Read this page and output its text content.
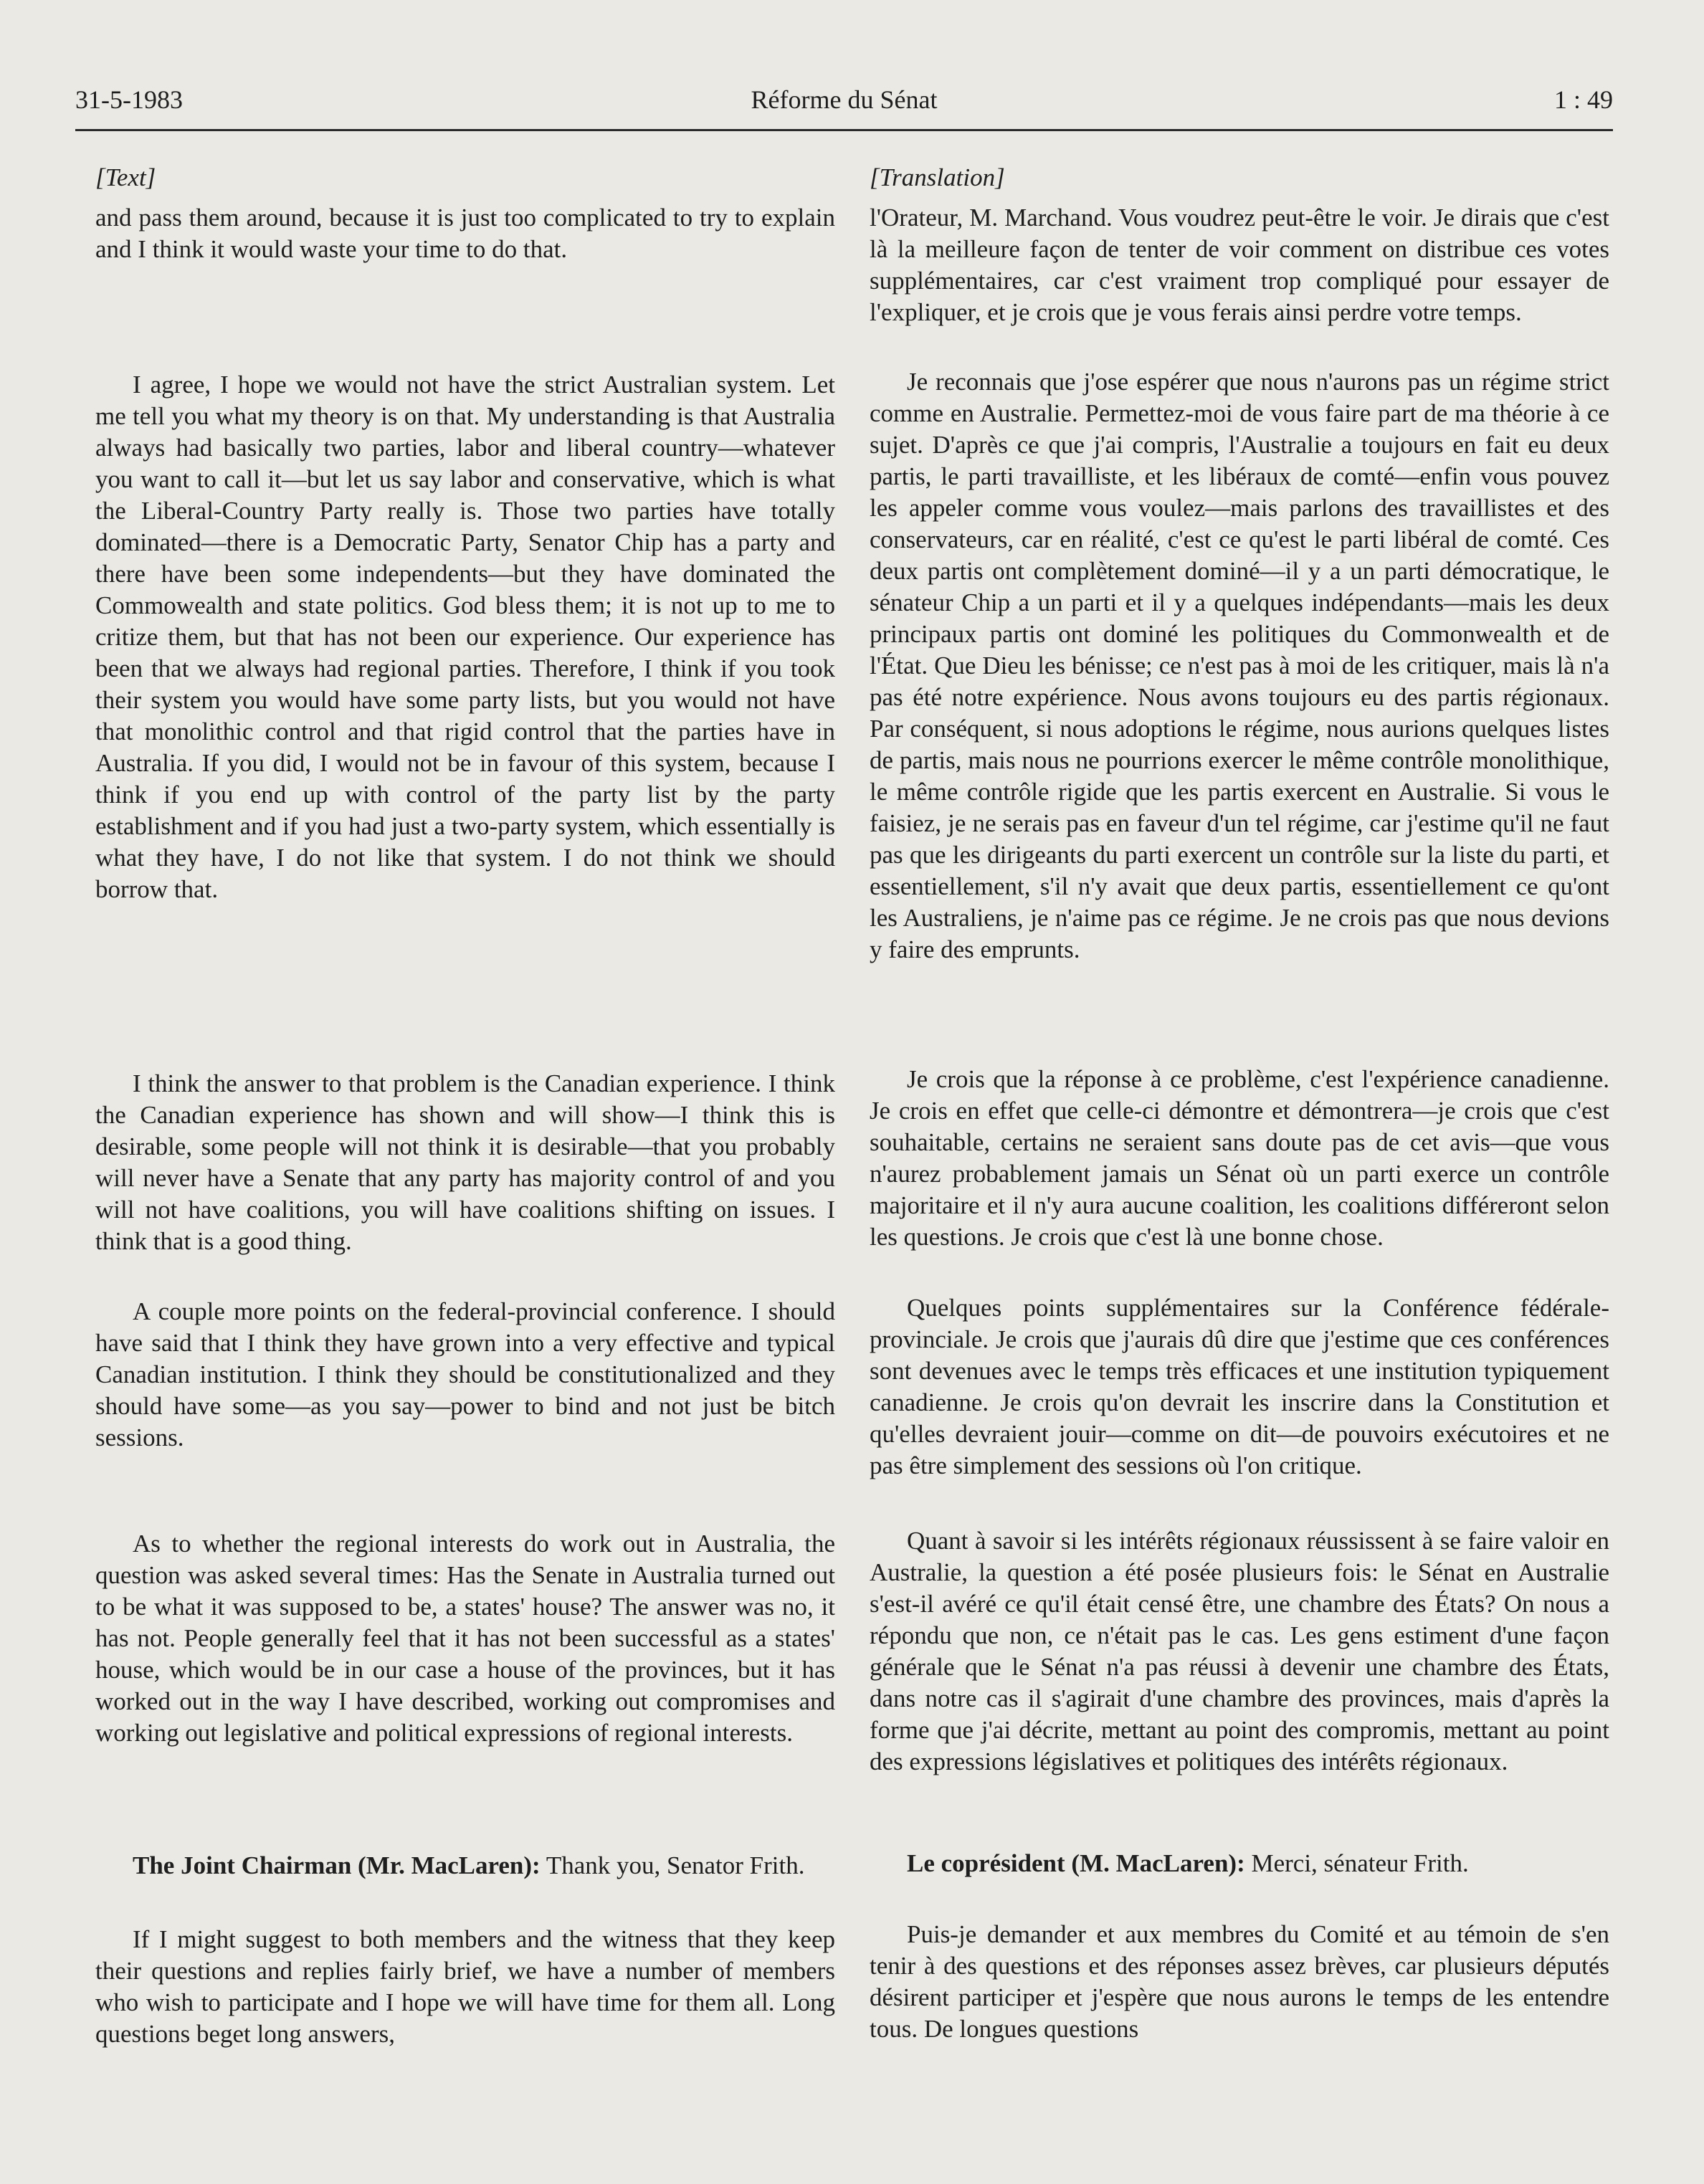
31-5-1983	Réforme du Sénat	1 : 49

[Text]

and pass them around, because it is just too complicated to try to explain and I think it would waste your time to do that.

I agree, I hope we would not have the strict Australian system. Let me tell you what my theory is on that. My understanding is that Australia always had basically two parties, labor and liberal country—whatever you want to call it—but let us say labor and conservative, which is what the Liberal-Country Party really is. Those two parties have totally dominated—there is a Democratic Party, Senator Chip has a party and there have been some independents—but they have dominated the Commowealth and state politics. God bless them; it is not up to me to critize them, but that has not been our experience. Our experience has been that we always had regional parties. Therefore, I think if you took their system you would have some party lists, but you would not have that monolithic control and that rigid control that the parties have in Australia. If you did, I would not be in favour of this system, because I think if you end up with control of the party list by the party establishment and if you had just a two-party system, which essentially is what they have, I do not like that system. I do not think we should borrow that.

I think the answer to that problem is the Canadian experience. I think the Canadian experience has shown and will show—I think this is desirable, some people will not think it is desirable—that you probably will never have a Senate that any party has majority control of and you will not have coalitions, you will have coalitions shifting on issues. I think that is a good thing.

A couple more points on the federal-provincial conference. I should have said that I think they have grown into a very effective and typical Canadian institution. I think they should be constitutionalized and they should have some—as you say—power to bind and not just be bitch sessions.

As to whether the regional interests do work out in Australia, the question was asked several times: Has the Senate in Australia turned out to be what it was supposed to be, a states' house? The answer was no, it has not. People generally feel that it has not been successful as a states' house, which would be in our case a house of the provinces, but it has worked out in the way I have described, working out compromises and working out legislative and political expressions of regional interests.

The Joint Chairman (Mr. MacLaren): Thank you, Senator Frith.

If I might suggest to both members and the witness that they keep their questions and replies fairly brief, we have a number of members who wish to participate and I hope we will have time for them all. Long questions beget long answers,

[Translation]

l'Orateur, M. Marchand. Vous voudrez peut-être le voir. Je dirais que c'est là la meilleure façon de tenter de voir comment on distribue ces votes supplémentaires, car c'est vraiment trop compliqué pour essayer de l'expliquer, et je crois que je vous ferais ainsi perdre votre temps.

Je reconnais que j'ose espérer que nous n'aurons pas un régime strict comme en Australie. Permettez-moi de vous faire part de ma théorie à ce sujet. D'après ce que j'ai compris, l'Australie a toujours en fait eu deux partis, le parti travailliste, et les libéraux de comté—enfin vous pouvez les appeler comme vous voulez—mais parlons des travaillistes et des conservateurs, car en réalité, c'est ce qu'est le parti libéral de comté. Ces deux partis ont complètement dominé—il y a un parti démocratique, le sénateur Chip a un parti et il y a quelques indépendants—mais les deux principaux partis ont dominé les politiques du Commonwealth et de l'État. Que Dieu les bénisse; ce n'est pas à moi de les critiquer, mais là n'a pas été notre expérience. Nous avons toujours eu des partis régionaux. Par conséquent, si nous adoptions le régime, nous aurions quelques listes de partis, mais nous ne pourrions exercer le même contrôle monolithique, le même contrôle rigide que les partis exercent en Australie. Si vous le faisiez, je ne serais pas en faveur d'un tel régime, car j'estime qu'il ne faut pas que les dirigeants du parti exercent un contrôle sur la liste du parti, et essentiellement, s'il n'y avait que deux partis, essentiellement ce qu'ont les Australiens, je n'aime pas ce régime. Je ne crois pas que nous devions y faire des emprunts.

Je crois que la réponse à ce problème, c'est l'expérience canadienne. Je crois en effet que celle-ci démontre et démontrera—je crois que c'est souhaitable, certains ne seraient sans doute pas de cet avis—que vous n'aurez probablement jamais un Sénat où un parti exerce un contrôle majoritaire et il n'y aura aucune coalition, les coalitions différeront selon les questions. Je crois que c'est là une bonne chose.

Quelques points supplémentaires sur la Conférence fédérale-provinciale. Je crois que j'aurais dû dire que j'estime que ces conférences sont devenues avec le temps très efficaces et une institution typiquement canadienne. Je crois qu'on devrait les inscrire dans la Constitution et qu'elles devraient jouir—comme on dit—de pouvoirs exécutoires et ne pas être simplement des sessions où l'on critique.

Quant à savoir si les intérêts régionaux réussissent à se faire valoir en Australie, la question a été posée plusieurs fois: le Sénat en Australie s'est-il avéré ce qu'il était censé être, une chambre des États? On nous a répondu que non, ce n'était pas le cas. Les gens estiment d'une façon générale que le Sénat n'a pas réussi à devenir une chambre des États, dans notre cas il s'agirait d'une chambre des provinces, mais d'après la forme que j'ai décrite, mettant au point des compromis, mettant au point des expressions législatives et politiques des intérêts régionaux.

Le coprésident (M. MacLaren): Merci, sénateur Frith.

Puis-je demander et aux membres du Comité et au témoin de s'en tenir à des questions et des réponses assez brèves, car plusieurs députés désirent participer et j'espère que nous aurons le temps de les entendre tous. De longues questions
